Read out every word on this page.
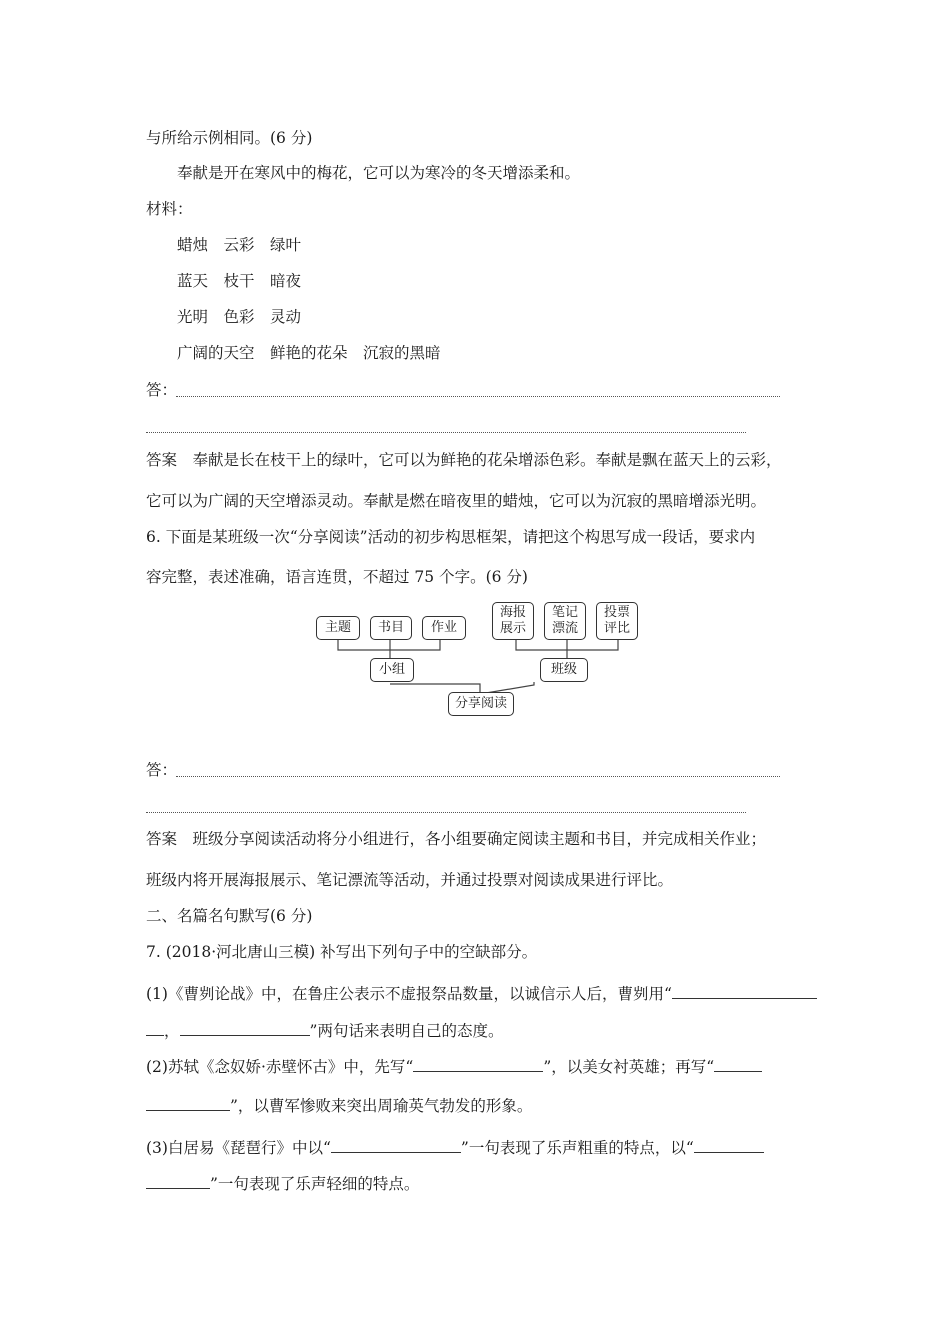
与所给示例相同。(6 分)
奉献是开在寒风中的梅花，它可以为寒冷的冬天增添柔和。
材料：
蜡烛　云彩　绿叶
蓝天　枝干　暗夜
光明　色彩　灵动
广阔的天空　鲜艳的花朵　沉寂的黑暗
答：
答案　奉献是长在枝干上的绿叶，它可以为鲜艳的花朵增添色彩。奉献是飘在蓝天上的云彩，
它可以为广阔的天空增添灵动。奉献是燃在暗夜里的蜡烛，它可以为沉寂的黑暗增添光明。
6. 下面是某班级一次“分享阅读”活动的初步构思框架，请把这个构思写成一段话，要求内
容完整，表述准确，语言连贯，不超过 75 个字。(6 分)
主题 书目 作业
海报
展示
笔记
漂流
投票
评比
小组	班级
分享阅读
答：
答案　班级分享阅读活动将分小组进行，各小组要确定阅读主题和书目，并完成相关作业；
班级内将开展海报展示、笔记漂流等活动，并通过投票对阅读成果进行评比。
二、名篇名句默写(6 分)
7. (2018·河北唐山三模) 补写出下列句子中的空缺部分。
(1)《曹刿论战》中，在鲁庄公表示不虚报祭品数量，以诚信示人后，曹刿用“
，	”两句话来表明自己的态度。
(2)苏轼《念奴娇·赤壁怀古》中，先写“	”，以美女衬英雄；再写“
”，以曹军惨败来突出周瑜英气勃发的形象。
(3)白居易《琵琶行》中以“	”一句表现了乐声粗重的特点，以“
”一句表现了乐声轻细的特点。
